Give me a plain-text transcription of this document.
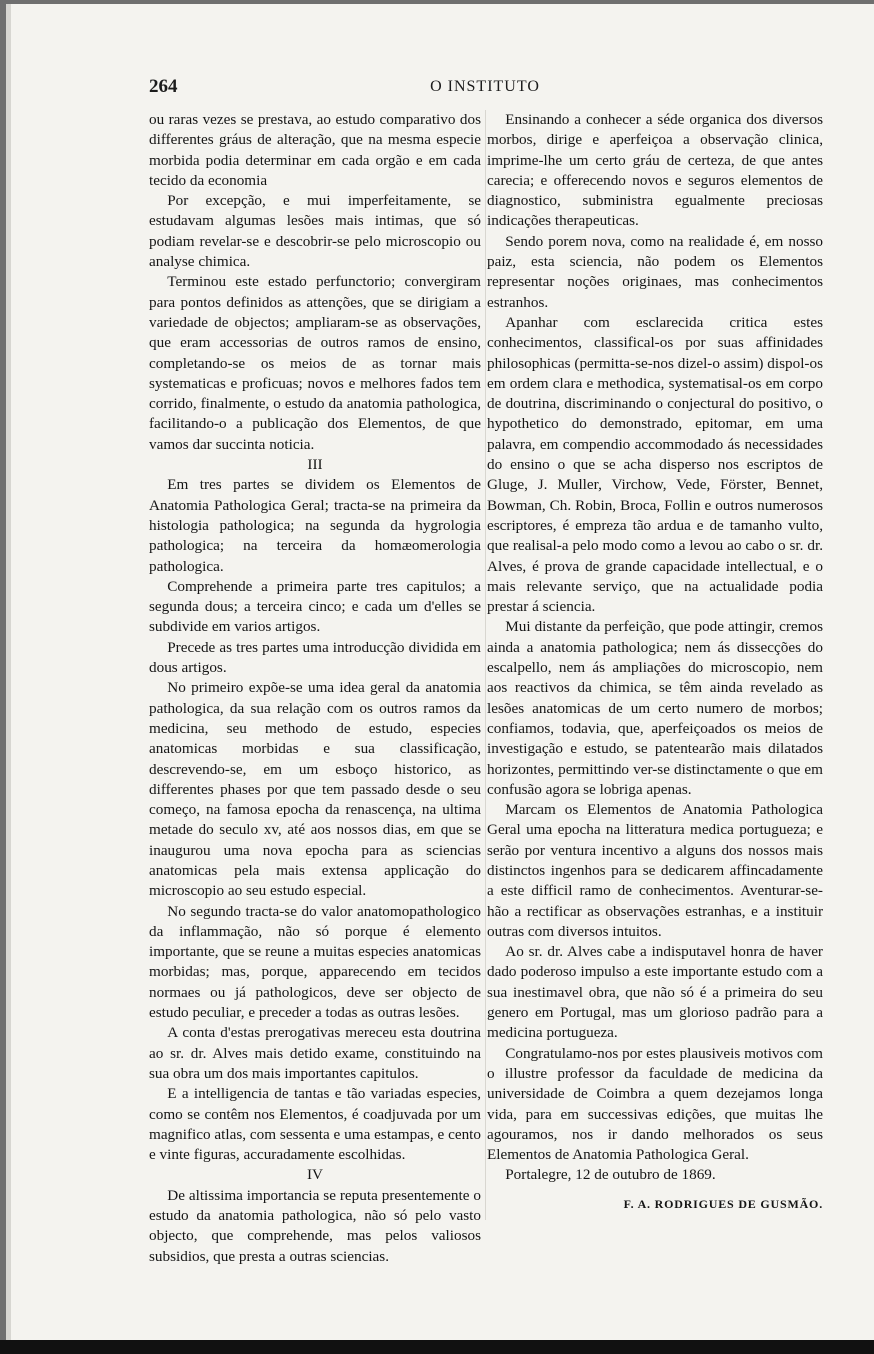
264	O INSTITUTO

ou raras vezes se prestava, ao estudo comparativo dos differentes gráus de alteração, que na mesma especie morbida podia determinar em cada orgão e em cada tecido da economia

Por excepção, e mui imperfeitamente, se estudavam algumas lesões mais intimas, que só podiam revelar-se e descobrir-se pelo microscopio ou analyse chimica.

Terminou este estado perfunctorio; convergiram para pontos definidos as attenções, que se dirigiam a variedade de objectos; ampliaram-se as observações, que eram accessorias de outros ramos de ensino, completando-se os meios de as tornar mais systematicas e proficuas; novos e melhores fados tem corrido, finalmente, o estudo da anatomia pathologica, facilitando-o a publicação dos Elementos, de que vamos dar succinta noticia.

III

Em tres partes se dividem os Elementos de Anatomia Pathologica Geral; tracta-se na primeira da histologia pathologica; na segunda da hygrologia pathologica; na terceira da homæomerologia pathologica.

Comprehende a primeira parte tres capitulos; a segunda dous; a terceira cinco; e cada um d'elles se subdivide em varios artigos.

Precede as tres partes uma introducção dividida em dous artigos.

No primeiro expõe-se uma idea geral da anatomia pathologica, da sua relação com os outros ramos da medicina, seu methodo de estudo, especies anatomicas morbidas e sua classificação, descrevendo-se, em um esboço historico, as differentes phases por que tem passado desde o seu começo, na famosa epocha da renascença, na ultima metade do seculo xv, até aos nossos dias, em que se inaugurou uma nova epocha para as sciencias anatomicas pela mais extensa applicação do microscopio ao seu estudo especial.

No segundo tracta-se do valor anatomopathologico da inflammação, não só porque é elemento importante, que se reune a muitas especies anatomicas morbidas; mas, porque, apparecendo em tecidos normaes ou já pathologicos, deve ser objecto de estudo peculiar, e preceder a todas as outras lesões.

A conta d'estas prerogativas mereceu esta doutrina ao sr. dr. Alves mais detido exame, constituindo na sua obra um dos mais importantes capitulos.

E a intelligencia de tantas e tão variadas especies, como se contêm nos Elementos, é coadjuvada por um magnifico atlas, com sessenta e uma estampas, e cento e vinte figuras, accuradamente escolhidas.

IV

De altissima importancia se reputa presentemente o estudo da anatomia pathologica, não só pelo vasto objecto, que comprehende, mas pelos valiosos subsidios, que presta a outras sciencias.

Ensinando a conhecer a séde organica dos diversos morbos, dirige e aperfeiçoa a observação clinica, imprime-lhe um certo gráu de certeza, de que antes carecia; e offerecendo novos e seguros elementos de diagnostico, subministra egualmente preciosas indicações therapeuticas.

Sendo porem nova, como na realidade é, em nosso paiz, esta sciencia, não podem os Elementos representar noções originaes, mas conhecimentos estranhos.

Apanhar com esclarecida critica estes conhecimentos, classifical-os por suas affinidades philosophicas (permitta-se-nos dizel-o assim) dispol-os em ordem clara e methodica, systematisal-os em corpo de doutrina, discriminando o conjectural do positivo, o hypothetico do demonstrado, epitomar, em uma palavra, em compendio accommodado ás necessidades do ensino o que se acha disperso nos escriptos de Gluge, J. Muller, Virchow, Vede, Förster, Bennet, Bowman, Ch. Robin, Broca, Follin e outros numerosos escriptores, é empreza tão ardua e de tamanho vulto, que realisal-a pelo modo como a levou ao cabo o sr. dr. Alves, é prova de grande capacidade intellectual, e o mais relevante serviço, que na actualidade podia prestar á sciencia.

Mui distante da perfeição, que pode attingir, cremos ainda a anatomia pathologica; nem ás dissecções do escalpello, nem ás ampliações do microscopio, nem aos reactivos da chimica, se têm ainda revelado as lesões anatomicas de um certo numero de morbos; confiamos, todavia, que, aperfeiçoados os meios de investigação e estudo, se patentearão mais dilatados horizontes, permittindo ver-se distinctamente o que em confusão agora se lobriga apenas.

Marcam os Elementos de Anatomia Pathologica Geral uma epocha na litteratura medica portugueza; e serão por ventura incentivo a alguns dos nossos mais distinctos ingenhos para se dedicarem affincadamente a este difficil ramo de conhecimentos. Aventurar-se-hão a rectificar as observações estranhas, e a instituir outras com diversos intuitos.

Ao sr. dr. Alves cabe a indisputavel honra de haver dado poderoso impulso a este importante estudo com a sua inestimavel obra, que não só é a primeira do seu genero em Portugal, mas um glorioso padrão para a medicina portugueza.

Congratulamo-nos por estes plausiveis motivos com o illustre professor da faculdade de medicina da universidade de Coimbra a quem dezejamos longa vida, para em successivas edições, que muitas lhe agouramos, nos ir dando melhorados os seus Elementos de Anatomia Pathologica Geral.

Portalegre, 12 de outubro de 1869.

F. A. RODRIGUES DE GUSMÃO.
